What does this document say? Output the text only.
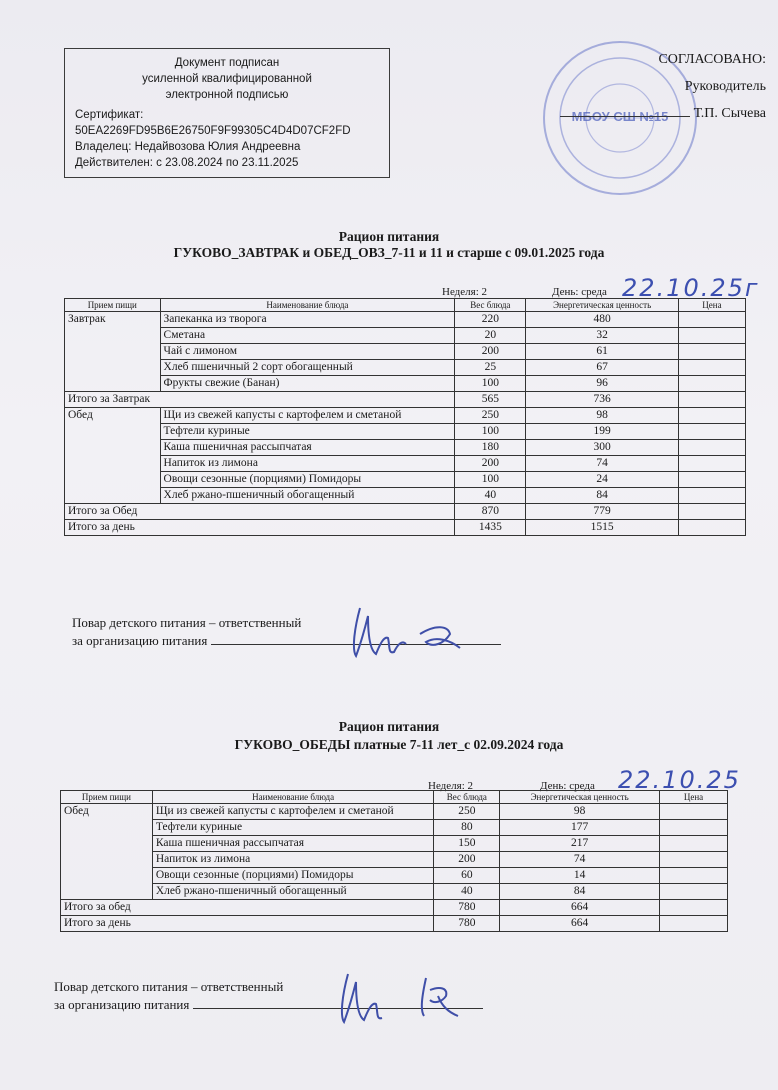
Документ подписан
усиленной квалифицированной
электронной подписью
Сертификат:
50EA2269FD95B6E26750F9F99305C4D4D07CF2FD
Владелец: Недайвозова Юлия Андреевна
Действителен: с 23.08.2024 по 23.11.2025
МБОУ СШ №15
СОГЛАСОВАНО:
Руководитель
Т.П. Сычева
Рацион питания
ГУКОВО_ЗАВТРАК и ОБЕД_ОВЗ_7-11 и 11 и старше с 09.01.2025 года
Неделя: 2	День: среда 22.10.25г
Прием пищи	Наименование блюда	Вес блюда	Энергетическая ценность	Цена
Завтрак	Запеканка из творога	220	480	
	Сметана	20	32	
	Чай с лимоном	200	61	
	Хлеб пшеничный 2 сорт обогащенный	25	67	
	Фрукты свежие (Банан)	100	96	
Итого за Завтрак		565	736	
Обед	Щи из свежей капусты с картофелем и сметаной	250	98	
	Тефтели куриные	100	199	
	Каша пшеничная рассыпчатая	180	300	
	Напиток из лимона	200	74	
	Овощи сезонные (порциями) Помидоры	100	24	
	Хлеб ржано-пшеничный обогащенный	40	84	
Итого за Обед		870	779	
Итого за день		1435	1515	
Повар детского питания – ответственный
за организацию питания
Рацион питания
ГУКОВО_ОБЕДЫ платные 7-11 лет_с 02.09.2024 года
Неделя: 2	День: среда 22.10.25
Прием пищи	Наименование блюда	Вес блюда	Энергетическая ценность	Цена
Обед	Щи из свежей капусты с картофелем и сметаной	250	98	
	Тефтели куриные	80	177	
	Каша пшеничная рассыпчатая	150	217	
	Напиток из лимона	200	74	
	Овощи сезонные (порциями) Помидоры	60	14	
	Хлеб ржано-пшеничный обогащенный	40	84	
Итого за обед		780	664	
Итого за день		780	664	
Повар детского питания – ответственный
за организацию питания
